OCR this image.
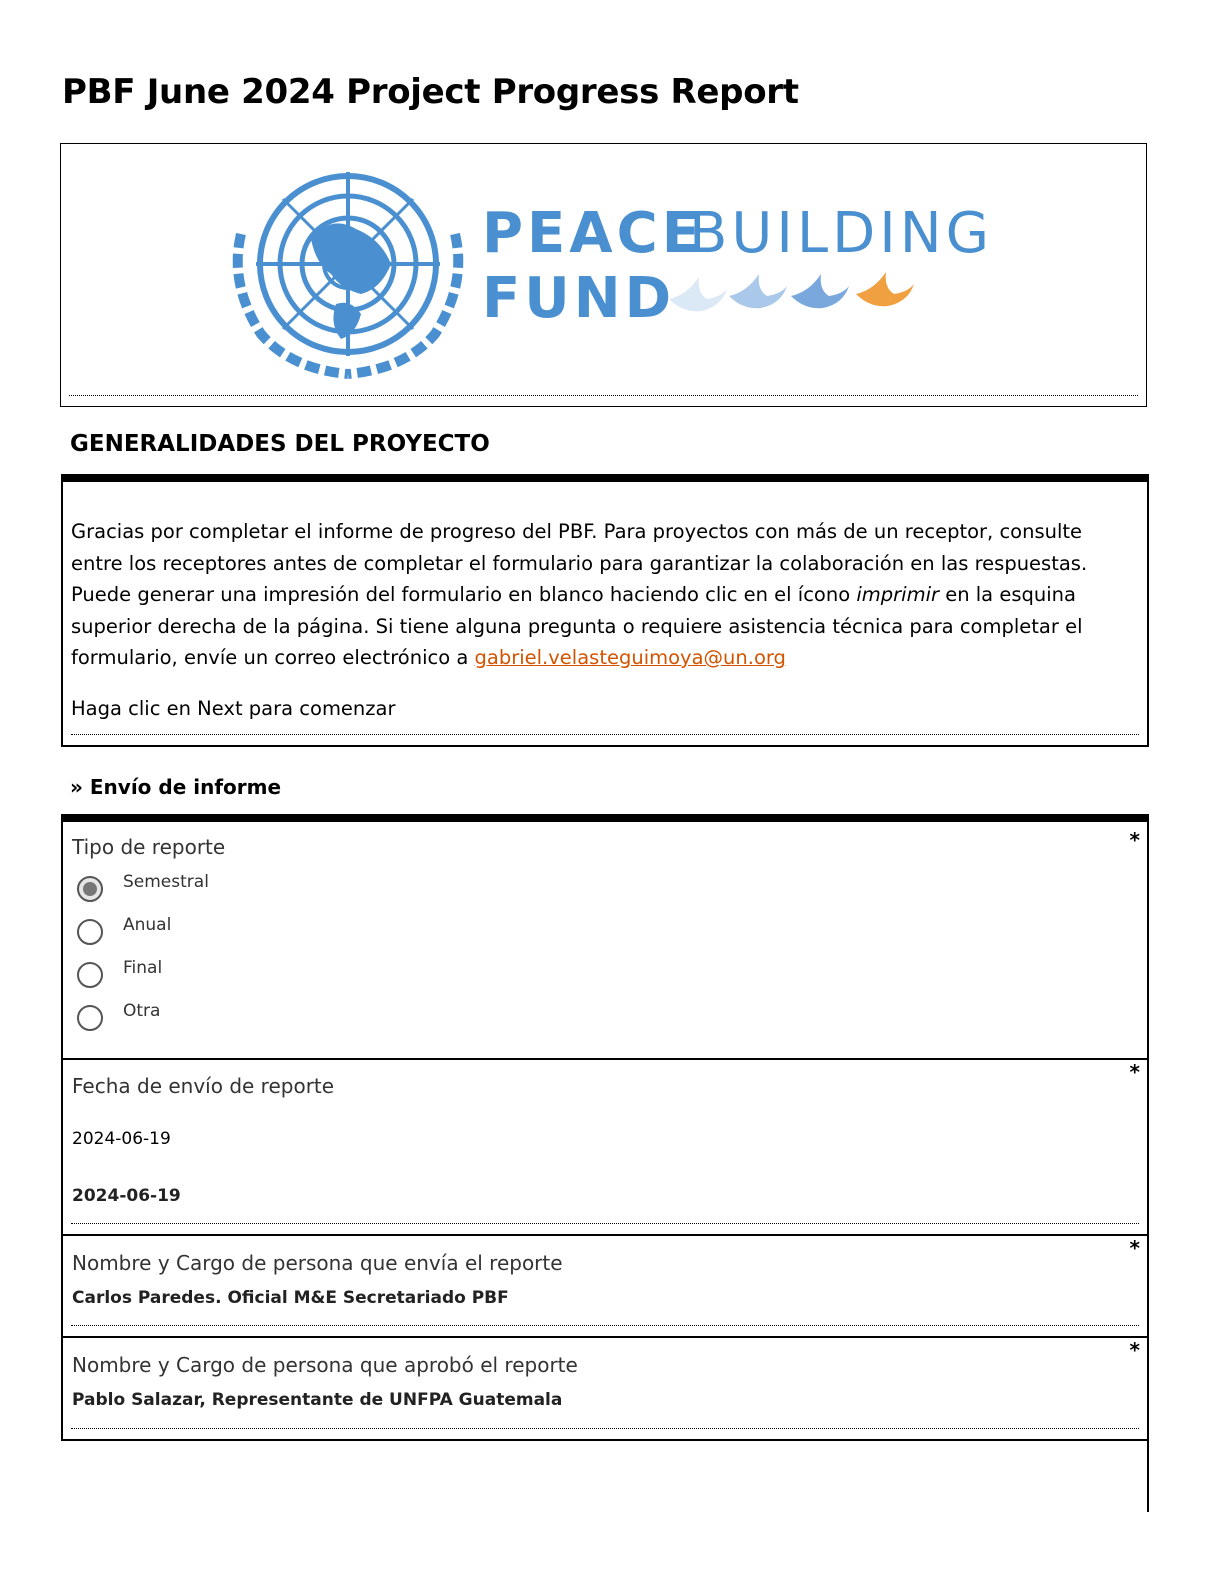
PBF June 2024 Project Progress Report
PEACE
BUILDING
FUND
GENERALIDADES DEL PROYECTO

Gracias por completar el informe de progreso del PBF. Para proyectos con más de un receptor, consulte entre los receptores antes de completar el formulario para garantizar la colaboración en las respuestas. Puede generar una impresión del formulario en blanco haciendo clic en el ícono imprimir en la esquina superior derecha de la página. Si tiene alguna pregunta o requiere asistencia técnica para completar el formulario, envíe un correo electrónico a gabriel.velasteguimoya@un.org

Haga clic en Next para comenzar

» Envío de informe
Tipo de reporte	*
Semestral
Anual
Final
Otra
Fecha de envío de reporte
*
2024-06-19
2024-06-19
Nombre y Cargo de persona que envía el reporte
*
Carlos Paredes. Oficial M&E Secretariado PBF
Nombre y Cargo de persona que aprobó el reporte
*
Pablo Salazar, Representante de UNFPA Guatemala
